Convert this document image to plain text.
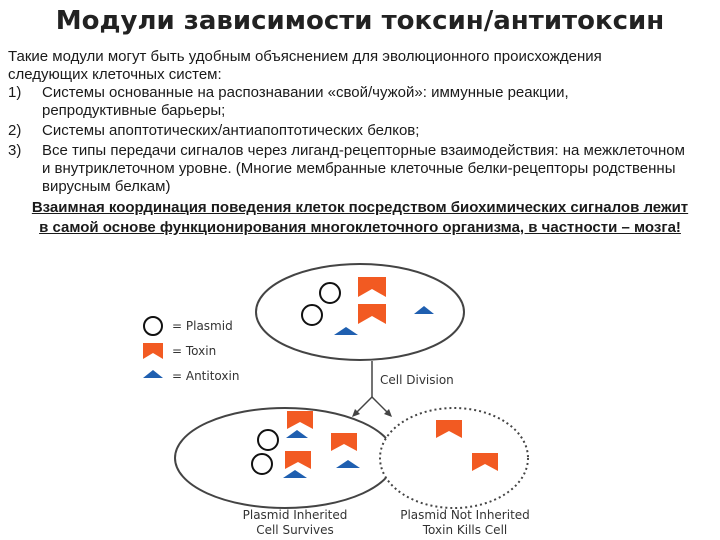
Модули зависимости токсин/антитоксин
Такие модули могут быть удобным объяснением для эволюционного происхождения
следующих клеточных систем:
1) Системы основанные на распознавании «свой/чужой»: иммунные реакции,
репродуктивные барьеры;
2) Системы апоптотических/антиапоптотических белков;
3) Все типы передачи сигналов через лиганд-рецепторные взаимодействия: на межклеточном
и внутриклеточном уровне. (Многие мембранные клеточные белки-рецепторы родственны
вирусным белкам)
Взаимная координация поведения клеток посредством биохимических сигналов лежит
в самой основе функционирования многоклеточного организма, в частности – мозга!
= Plasmid
= Toxin
= Antitoxin	Cell Division
Plasmid Inherited
Cell Survives
Plasmid Not Inherited
Toxin Kills Cell
